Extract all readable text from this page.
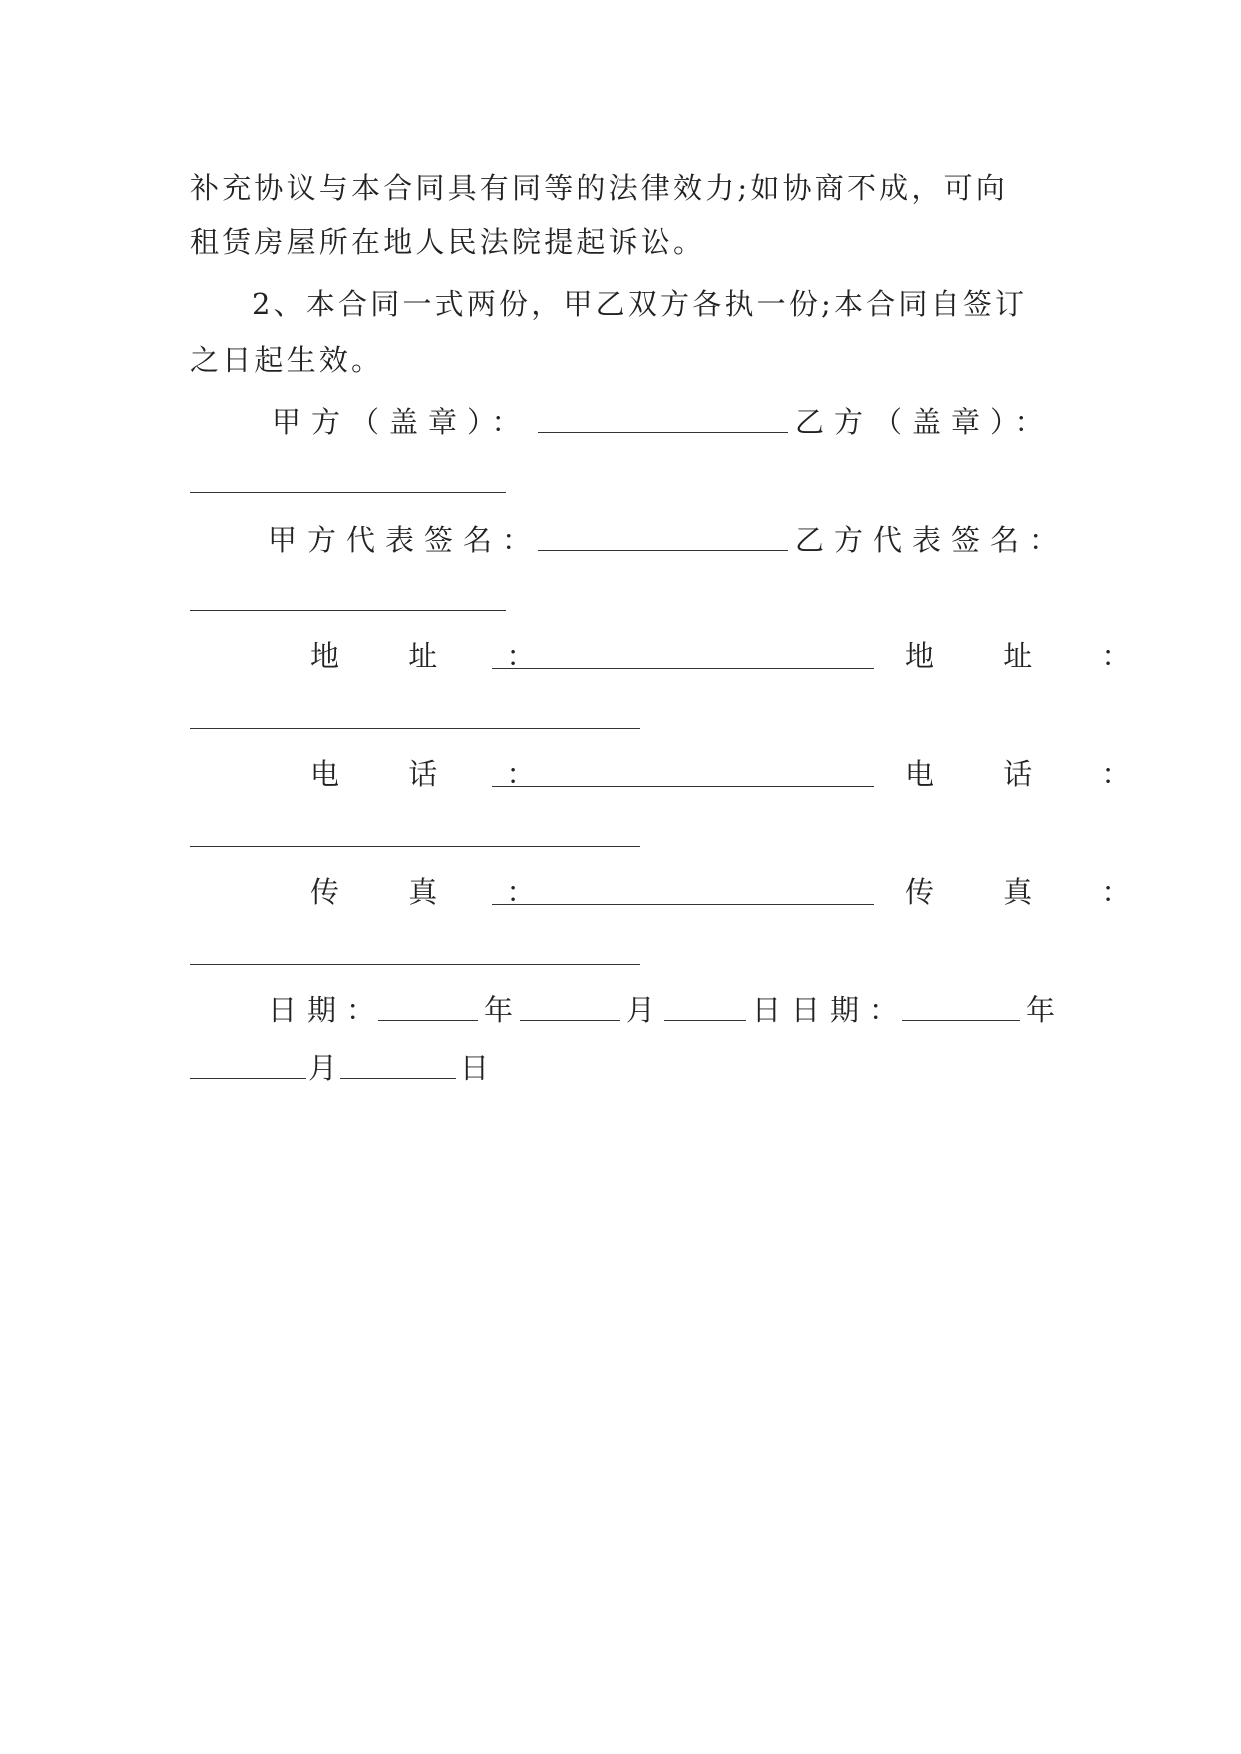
补充协议与本合同具有同等的法律效力;如协商不成，可向
租赁房屋所在地人民法院提起诉讼。
2、本合同一式两份，甲乙双方各执一份;本合同自签订
之日起生效。
甲方（盖章）：	乙方（盖章）：
甲方代表签名：	乙方代表签名：
地 址 ：	地 址 ：
电 话 ：	电 话 ：
传 真 ：	传 真 ：
日期：	年	月	日日期：	年
月	日
